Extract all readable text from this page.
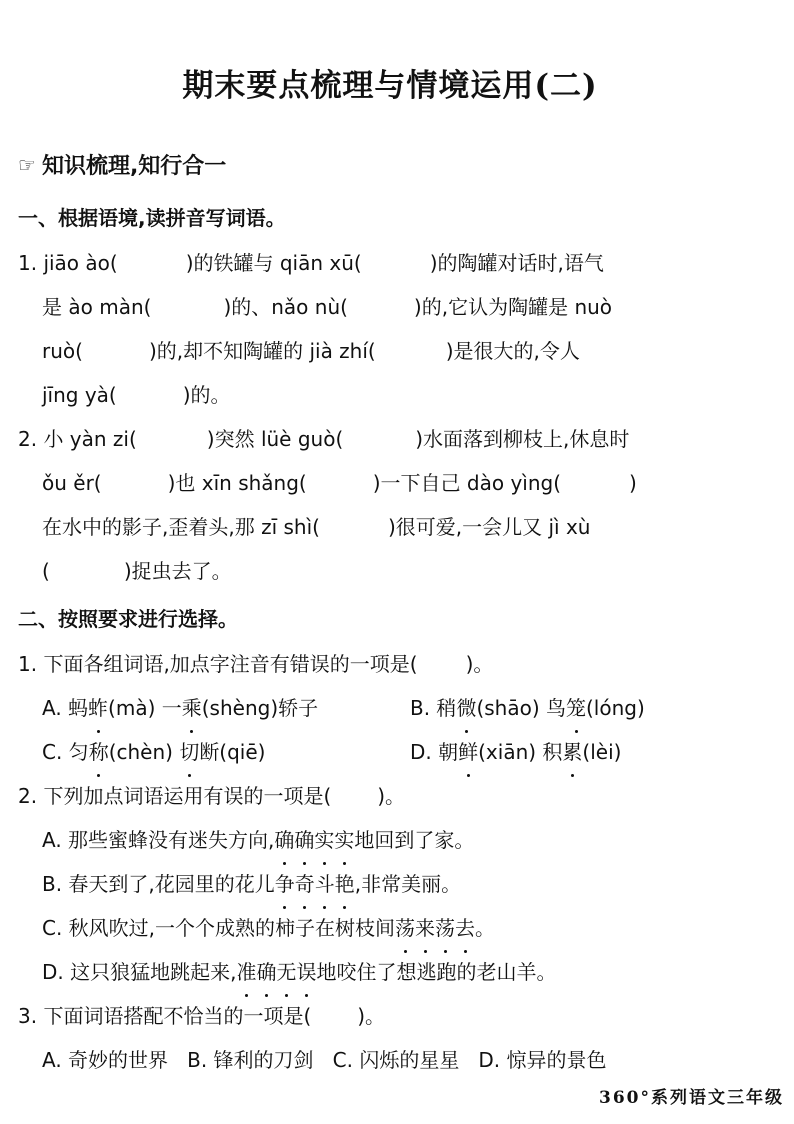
期末要点梳理与情境运用(二)
☞ 知识梳理,知行合一
一、根据语境,读拼音写词语。
1. jiāo ào(	)的铁罐与 qiān xū(	)的陶罐对话时,语气
是 ào màn(	)的、nǎo nù(	)的,它认为陶罐是 nuò
ruò(	)的,却不知陶罐的 jià zhí(	)是很大的,令人
jīng yà(	)的。
2. 小 yàn zi(	)突然 lüè guò(	)水面落到柳枝上,休息时
ǒu ěr(	)也 xīn shǎng(	)一下自己 dào yìng(	)
在水中的影子,歪着头,那 zī shì(	)很可爱,一会儿又 jì xù
(	)捉虫去了。
二、按照要求进行选择。
1. 下面各组词语,加点字注音有错误的一项是( )。
A. 蚂蚱(mà) 一乘(shèng)轿子	B. 稍微(shāo) 鸟笼(lóng)
C. 匀称(chèn) 切断(qiē)	D. 朝鲜(xiān) 积累(lèi)
2. 下列加点词语运用有误的一项是( )。
A. 那些蜜蜂没有迷失方向,确确实实地回到了家。
B. 春天到了,花园里的花儿争奇斗艳,非常美丽。
C. 秋风吹过,一个个成熟的柿子在树枝间荡来荡去。
D. 这只狼猛地跳起来,准确无误地咬住了想逃跑的老山羊。
3. 下面词语搭配不恰当的一项是( )。
A. 奇妙的世界 B. 锋利的刀剑 C. 闪烁的星星 D. 惊异的景色
360°系列语文三年级
